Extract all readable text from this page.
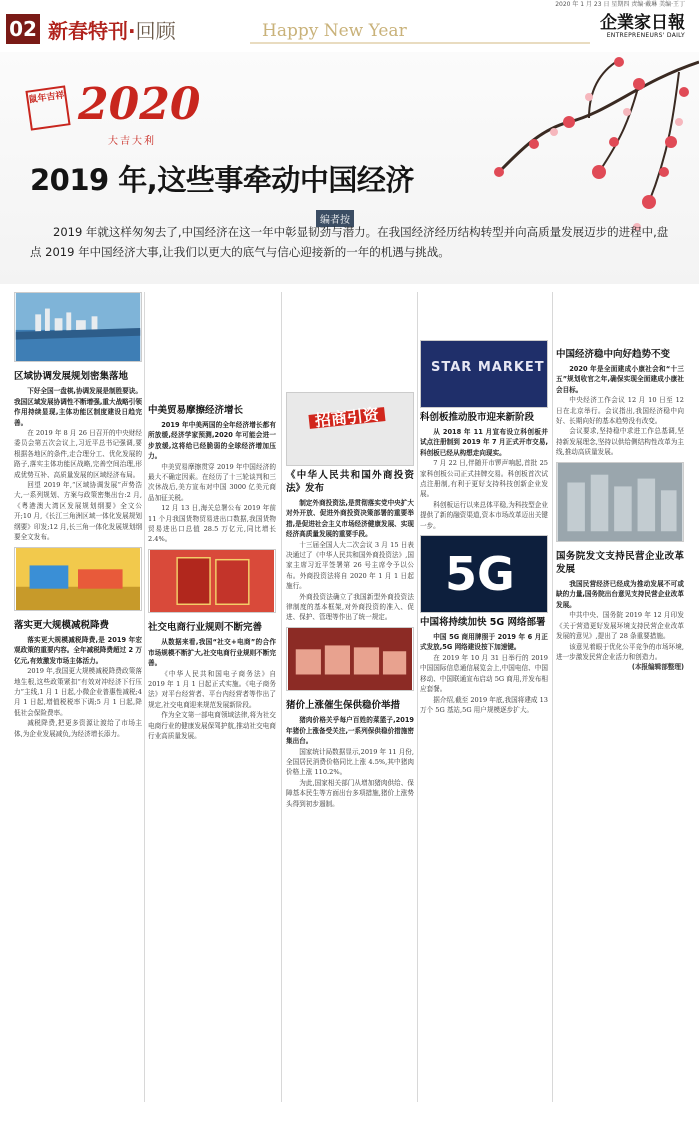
2020 年 1 月 23 日 星期四 责编·戴琳 美编·王丁
02 新春特刊·回顾	Happy New Year	企業家日報
ENTREPRENEURS' DAILY
鼠年吉祥 2020
大吉大利
2019 年,这些事牵动中国经济
编者按
2019 年就这样匆匆去了,中国经济在这一年中彰显韧劲与潜力。在我国经济经历结构转型并向高质量发展迈步的进程中,盘点 2019 年中国经济大事,让我们以更大的底气与信心迎接新的一年的机遇与挑战。
区域协调发展规划密集落地

下好全国一盘棋,协调发展是制胜要诀。我国区域发展协调性不断增强,重大战略引领作用持续显现,主体功能区制度建设日趋完善。

在 2019 年 8 月 26 日召开的中央财经委员会第五次会议上,习近平总书记强调,要根据各地区的条件,走合理分工、优化发展的路子,落实主体功能区战略,完善空间治理,形成优势互补、高质量发展的区域经济布局。

回望 2019 年,“区域协调发展”声势浩大,一系列规划、方案与政策密集出台:2 月,《粤港澳大湾区发展规划纲要》全文公开;10 月,《长江三角洲区域一体化发展规划纲要》印发;12 月,长三角一体化发展规划纲要全文发布。

落实更大规模减税降费

落实更大规模减税降费,是 2019 年宏观政策的重要内容。全年减税降费超过 2 万亿元,有效激发市场主体活力。

2019 年,我国更大规模减税降费政策落地生根,这些政策紧扣“有效对冲经济下行压力”主线,1 月 1 日起,小微企业普惠性减税;4 月 1 日起,增值税税率下调;5 月 1 日起,降低社会保险费率。

减税降费,把更多资源让渡给了市场主体,为企业发展减负,为经济增长添力。

中美贸易摩擦经济增长

2019 年中美两国的全年经济增长都有所放缓,经济学家预测,2020 年可能会进一步放缓,这将给已经脆弱的全球经济增加压力。

中美贸易摩擦贯穿 2019 年中国经济的最大不确定因素。在经历了十三轮谈判和三次休战后,美方宣布对中国 3000 亿美元商品加征关税。

12 月 13 日,海关总署公布 2019 年前 11 个月我国货物贸易进出口数据,我国货物贸易进出口总值 28.5 万亿元,同比增长 2.4%。

社交电商行业规则不断完善

从数据来看,我国“社交+电商”的合作市场规模不断扩大,社交电商行业规则不断完善。

《中华人民共和国电子商务法》自 2019 年 1 月 1 日起正式实施。《电子商务法》对平台经营者、平台内经营者等作出了规定,社交电商迎来规范发展新阶段。

作为全文第一部电商领域法律,将为社交电商行业的健康发展保驾护航,推动社交电商行业高质量发展。

招商引资
《中华人民共和国外商投资法》发布

制定外商投资法,是贯彻落实党中央扩大对外开放、促进外商投资决策部署的重要举措,是促进社会主义市场经济健康发展、实现经济高质量发展的重要手段。

十三届全国人大二次会议 3 月 15 日表决通过了《中华人民共和国外商投资法》,国家主席习近平签署第 26 号主席令予以公布。外商投资法将自 2020 年 1 月 1 日起施行。

外商投资法确立了我国新型外商投资法律制度的基本框架,对外商投资的准入、促进、保护、管理等作出了统一规定。

猪价上涨催生保供稳价举措

猪肉价格关乎每户百姓的菜篮子,2019 年猪价上涨备受关注,一系列保供稳价措施密集出台。

国家统计局数据显示,2019 年 11 月份,全国居民消费价格同比上涨 4.5%,其中猪肉价格上涨 110.2%。

为此,国家相关部门从增加猪肉供给、保障基本民生等方面出台多项措施,猪价上涨势头得到初步遏制。

STAR MARKET
科创板推动股市迎来新阶段

从 2018 年 11 月宣布设立科创板并试点注册制到 2019 年 7 月正式开市交易,科创板已经从构想走向现实。

7 月 22 日,伴随开市锣声响起,首批 25 家科创板公司正式挂牌交易。科创板首次试点注册制,有利于更好支持科技创新企业发展。

科创板运行以来总体平稳,为科技型企业提供了新的融资渠道,资本市场改革迈出关键一步。

5G
中国将持续加快 5G 网络部署

中国 5G 商用牌照于 2019 年 6 月正式发放,5G 网络建设按下加速键。

在 2019 年 10 月 31 日举行的 2019 中国国际信息通信展览会上,中国电信、中国移动、中国联通宣布启动 5G 商用,并发布相应套餐。

据介绍,截至 2019 年底,我国将建成 13 万个 5G 基站,5G 用户规模逐步扩大。

中国经济稳中向好趋势不变

2020 年是全面建成小康社会和“十三五”规划收官之年,确保实现全面建成小康社会目标。

中央经济工作会议 12 月 10 日至 12 日在北京举行。会议指出,我国经济稳中向好、长期向好的基本趋势没有改变。

会议要求,坚持稳中求进工作总基调,坚持新发展理念,坚持以供给侧结构性改革为主线,推动高质量发展。

国务院发文支持民营企业改革发展

我国民营经济已经成为推动发展不可或缺的力量,国务院出台意见支持民营企业改革发展。

中共中央、国务院 2019 年 12 月印发《关于营造更好发展环境支持民营企业改革发展的意见》,提出了 28 条重要措施。

该意见着眼于优化公平竞争的市场环境,进一步激发民营企业活力和创造力。

(本报编辑部整理)
